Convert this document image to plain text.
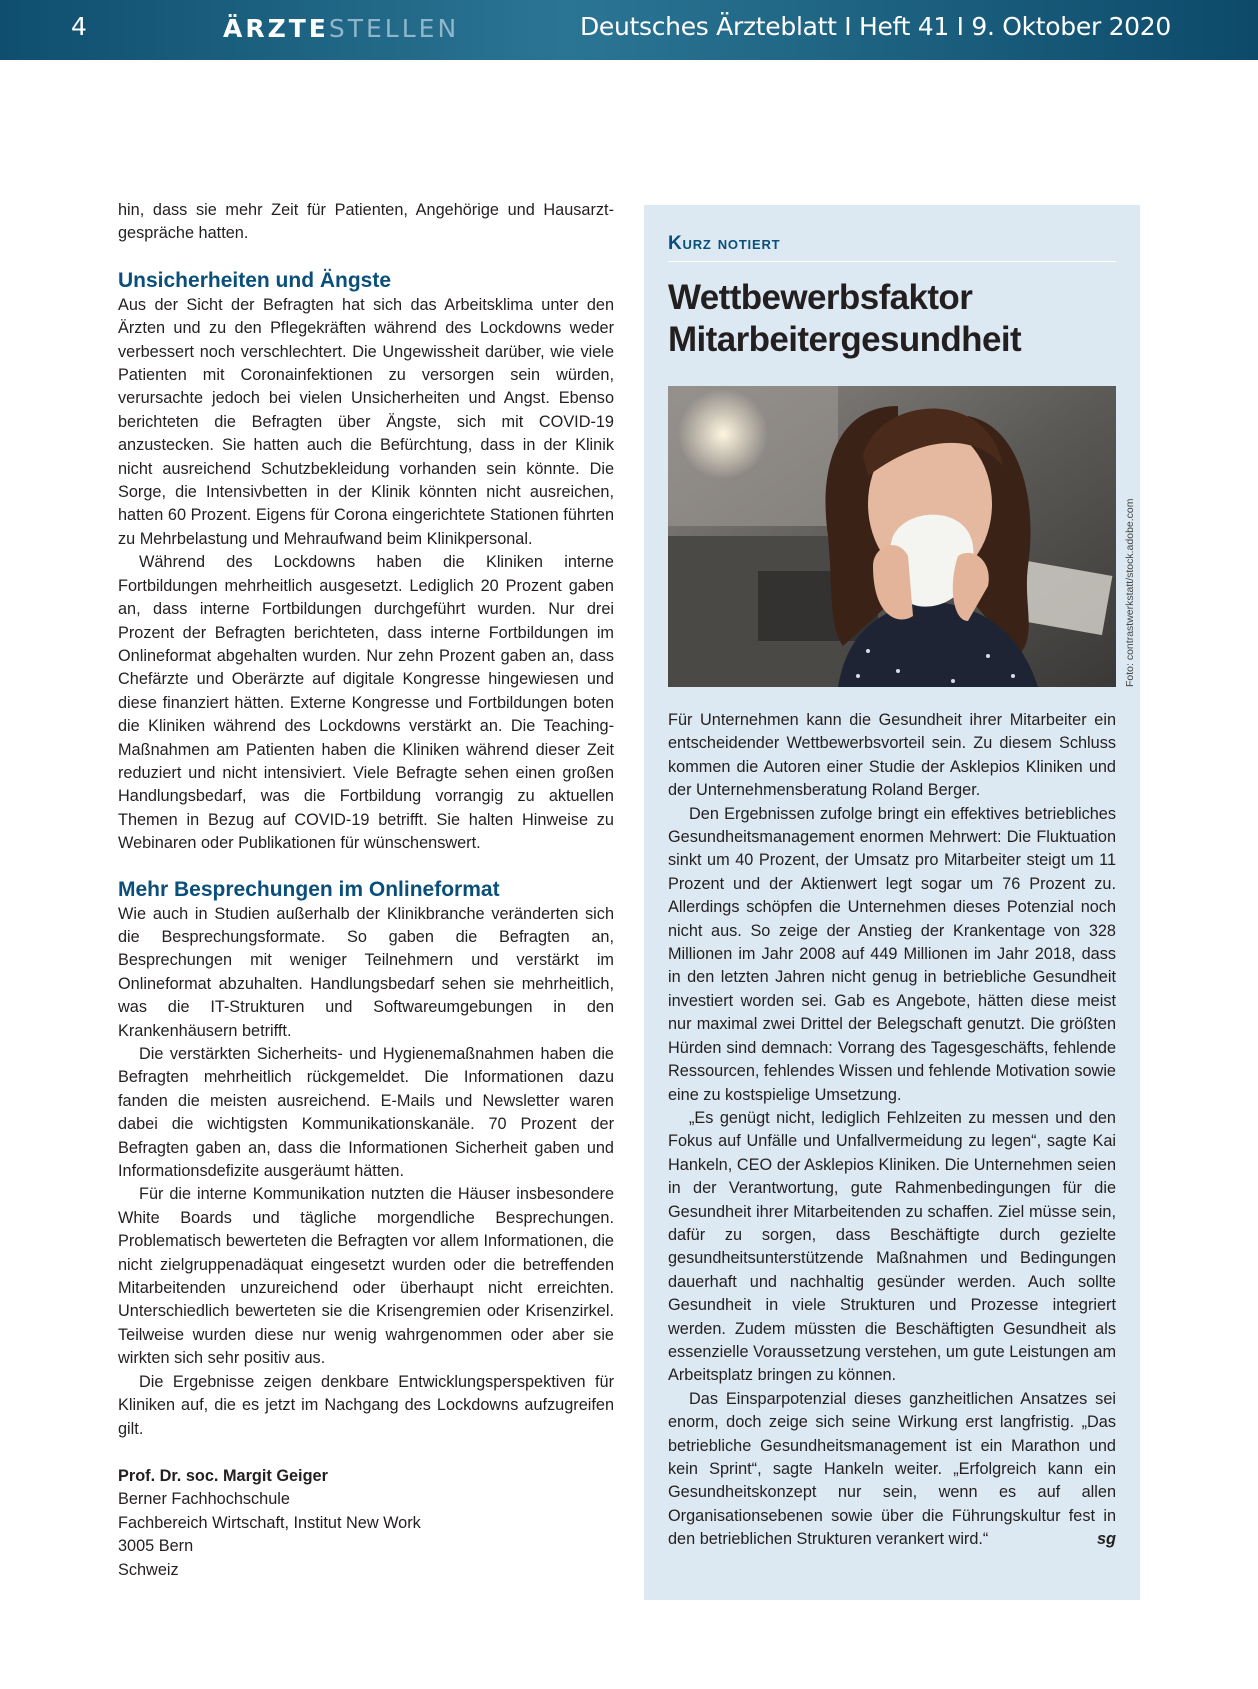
4	ÄRZTESTELLEN	Deutsches Ärzteblatt I Heft 41 I 9. Oktober 2020

hin, dass sie mehr Zeit für Patienten, Angehörige und Hausarztgespräche hatten.

Unsicherheiten und Ängste

Aus der Sicht der Befragten hat sich das Arbeitsklima unter den Ärzten und zu den Pflegekräften während des Lockdowns weder verbessert noch verschlechtert. Die Ungewissheit darüber, wie viele Patienten mit Coronainfektionen zu versorgen sein würden, verursachte jedoch bei vielen Unsicherheiten und Angst. Ebenso berichteten die Befragten über Ängste, sich mit COVID-19 anzustecken. Sie hatten auch die Befürchtung, dass in der Klinik nicht ausreichend Schutzbekleidung vorhanden sein könnte. Die Sorge, die Intensivbetten in der Klinik könnten nicht ausreichen, hatten 60 Prozent. Eigens für Corona eingerichtete Stationen führten zu Mehrbelastung und Mehraufwand beim Klinikpersonal.

Während des Lockdowns haben die Kliniken interne Fortbildungen mehrheitlich ausgesetzt. Lediglich 20 Prozent gaben an, dass interne Fortbildungen durchgeführt wurden. Nur drei Prozent der Befragten berichteten, dass interne Fortbildungen im Onlineformat abgehalten wurden. Nur zehn Prozent gaben an, dass Chefärzte und Oberärzte auf digitale Kongresse hingewiesen und diese finanziert hätten. Externe Kongresse und Fortbildungen boten die Kliniken während des Lockdowns verstärkt an. Die Teaching-Maßnahmen am Patienten haben die Kliniken während dieser Zeit reduziert und nicht intensiviert. Viele Befragte sehen einen großen Handlungsbedarf, was die Fortbildung vorrangig zu aktuellen Themen in Bezug auf COVID-19 betrifft. Sie halten Hinweise zu Webinaren oder Publikationen für wünschenswert.

Mehr Besprechungen im Onlineformat

Wie auch in Studien außerhalb der Klinikbranche veränderten sich die Besprechungsformate. So gaben die Befragten an, Besprechungen mit weniger Teilnehmern und verstärkt im Onlineformat abzuhalten. Handlungsbedarf sehen sie mehrheitlich, was die IT-Strukturen und Softwareumgebungen in den Krankenhäusern betrifft.

Die verstärkten Sicherheits- und Hygienemaßnahmen haben die Befragten mehrheitlich rückgemeldet. Die Informationen dazu fanden die meisten ausreichend. E-Mails und Newsletter waren dabei die wichtigsten Kommunikationskanäle. 70 Prozent der Befragten gaben an, dass die Informationen Sicherheit gaben und Informationsdefizite ausgeräumt hätten.

Für die interne Kommunikation nutzten die Häuser insbesondere White Boards und tägliche morgendliche Besprechungen. Problematisch bewerteten die Befragten vor allem Informationen, die nicht zielgruppenadäquat eingesetzt wurden oder die betreffenden Mitarbeitenden unzureichend oder überhaupt nicht erreichten. Unterschiedlich bewerteten sie die Krisengremien oder Krisenzirkel. Teilweise wurden diese nur wenig wahrgenommen oder aber sie wirkten sich sehr positiv aus.

Die Ergebnisse zeigen denkbare Entwicklungsperspektiven für Kliniken auf, die es jetzt im Nachgang des Lockdowns aufzugreifen gilt.

Prof. Dr. soc. Margit Geiger
Berner Fachhochschule
Fachbereich Wirtschaft, Institut New Work
3005 Bern
Schweiz
Kurz notiert
Wettbewerbsfaktor Mitarbeitergesundheit
Foto: contrastwerkstatt/stock.adobe.com

Für Unternehmen kann die Gesundheit ihrer Mitarbeiter ein entscheidender Wettbewerbsvorteil sein. Zu diesem Schluss kommen die Autoren einer Studie der Asklepios Kliniken und der Unternehmensberatung Roland Berger.

Den Ergebnissen zufolge bringt ein effektives betriebliches Gesundheitsmanagement enormen Mehrwert: Die Fluktuation sinkt um 40 Prozent, der Umsatz pro Mitarbeiter steigt um 11 Prozent und der Aktienwert legt sogar um 76 Prozent zu. Allerdings schöpfen die Unternehmen dieses Potenzial noch nicht aus. So zeige der Anstieg der Krankentage von 328 Millionen im Jahr 2008 auf 449 Millionen im Jahr 2018, dass in den letzten Jahren nicht genug in betriebliche Gesundheit investiert worden sei. Gab es Angebote, hätten diese meist nur maximal zwei Drittel der Belegschaft genutzt. Die größten Hürden sind demnach: Vorrang des Tagesgeschäfts, fehlende Ressourcen, fehlendes Wissen und fehlende Motivation sowie eine zu kostspielige Umsetzung.

„Es genügt nicht, lediglich Fehlzeiten zu messen und den Fokus auf Unfälle und Unfallvermeidung zu legen“, sagte Kai Hankeln, CEO der Asklepios Kliniken. Die Unternehmen seien in der Verantwortung, gute Rahmenbedingungen für die Gesundheit ihrer Mitarbeitenden zu schaffen. Ziel müsse sein, dafür zu sorgen, dass Beschäftigte durch gezielte gesundheitsunterstützende Maßnahmen und Bedingungen dauerhaft und nachhaltig gesünder werden. Auch sollte Gesundheit in viele Strukturen und Prozesse integriert werden. Zudem müssten die Beschäftigten Gesundheit als essenzielle Voraussetzung verstehen, um gute Leistungen am Arbeitsplatz bringen zu können.

Das Einsparpotenzial dieses ganzheitlichen Ansatzes sei enorm, doch zeige sich seine Wirkung erst langfristig. „Das betriebliche Gesundheitsmanagement ist ein Marathon und kein Sprint“, sagte Hankeln weiter. „Erfolgreich kann ein Gesundheitskonzept nur sein, wenn es auf allen Organisationsebenen sowie über die Führungskultur fest in den betrieblichen Strukturen verankert wird.“	sg
